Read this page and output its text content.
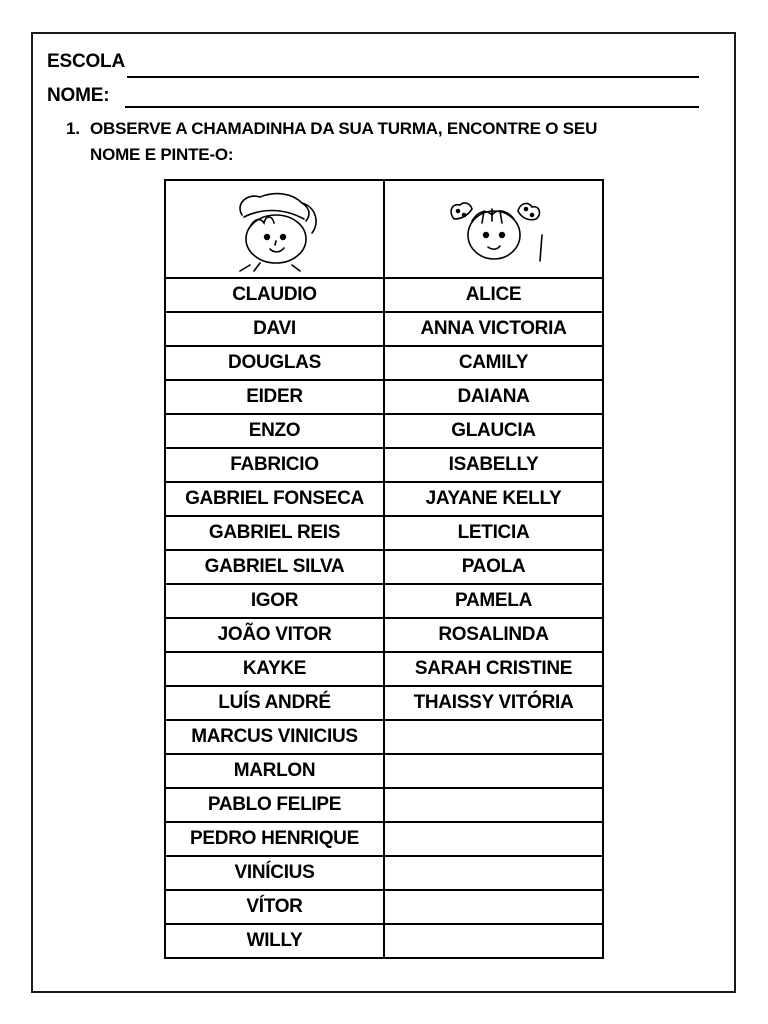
ESCOLA
NOME:
1. OBSERVE A CHAMADINHA DA SUA TURMA, ENCONTRE O SEU
NOME E PINTE-O:

CLAUDIO	ALICE
DAVI	ANNA VICTORIA
DOUGLAS	CAMILY
EIDER	DAIANA
ENZO	GLAUCIA
FABRICIO	ISABELLY
GABRIEL FONSECA	JAYANE KELLY
GABRIEL REIS	LETICIA
GABRIEL SILVA	PAOLA
IGOR	PAMELA
JOÃO VITOR	ROSALINDA
KAYKE	SARAH CRISTINE
LUÍS ANDRÉ	THAISSY VITÓRIA
MARCUS VINICIUS	
MARLON	
PABLO FELIPE	
PEDRO HENRIQUE	
VINÍCIUS	
VÍTOR	
WILLY	
